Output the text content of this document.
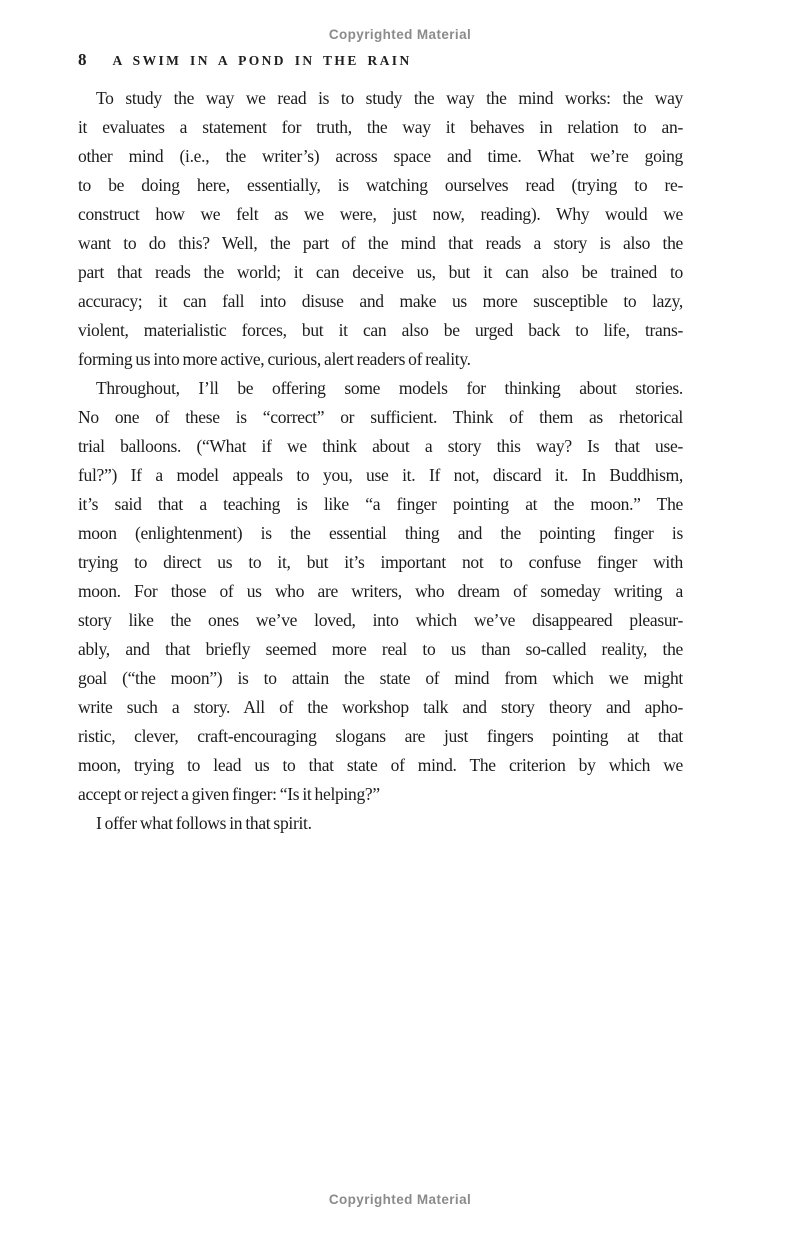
Copyrighted Material
8 A SWIM IN A POND IN THE RAIN

To study the way we read is to study the way the mind works: the way
it evaluates a statement for truth, the way it behaves in relation to an-
other mind (i.e., the writer’s) across space and time. What we’re going
to be doing here, essentially, is watching ourselves read (trying to re-
construct how we felt as we were, just now, reading). Why would we
want to do this? Well, the part of the mind that reads a story is also the
part that reads the world; it can deceive us, but it can also be trained to
accuracy; it can fall into disuse and make us more susceptible to lazy,
violent, materialistic forces, but it can also be urged back to life, trans-
forming us into more active, curious, alert readers of reality.

Throughout, I’ll be offering some models for thinking about stories.
No one of these is “correct” or sufficient. Think of them as rhetorical
trial balloons. (“What if we think about a story this way? Is that use-
ful?”) If a model appeals to you, use it. If not, discard it. In Buddhism,
it’s said that a teaching is like “a finger pointing at the moon.” The
moon (enlightenment) is the essential thing and the pointing finger is
trying to direct us to it, but it’s important not to confuse finger with
moon. For those of us who are writers, who dream of someday writing a
story like the ones we’ve loved, into which we’ve disappeared pleasur-
ably, and that briefly seemed more real to us than so-called reality, the
goal (“the moon”) is to attain the state of mind from which we might
write such a story. All of the workshop talk and story theory and apho-
ristic, clever, craft-encouraging slogans are just fingers pointing at that
moon, trying to lead us to that state of mind. The criterion by which we
accept or reject a given finger: “Is it helping?”

I offer what follows in that spirit.

Copyrighted Material
